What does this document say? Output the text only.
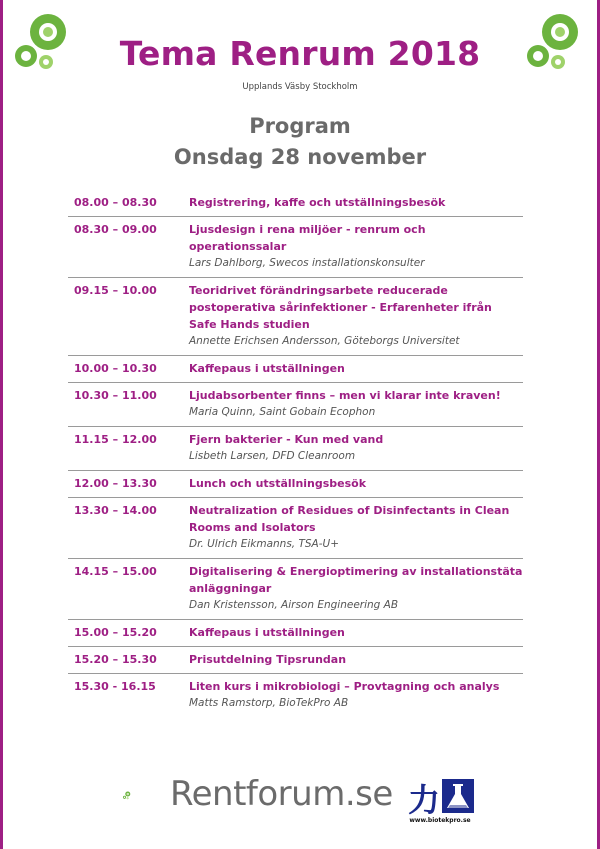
Tema Renrum 2018
Upplands Väsby Stockholm
Program
Onsdag 28 november
08.00 – 08.30	Registrering, kaffe och utställningsbesök
08.30 – 09.00	Ljusdesign i rena miljöer - renrum och operationssalar
Lars Dahlborg, Swecos installationskonsulter
09.15 – 10.00	Teoridrivet förändringsarbete reducerade postoperativa sårinfektioner - Erfarenheter ifrån Safe Hands studien
Annette Erichsen Andersson, Göteborgs Universitet
10.00 – 10.30	Kaffepaus i utställningen
10.30 – 11.00	Ljudabsorbenter finns – men vi klarar inte kraven!
Maria Quinn, Saint Gobain Ecophon
11.15 – 12.00	Fjern bakterier - Kun med vand
Lisbeth Larsen, DFD Cleanroom
12.00 – 13.30	Lunch och utställningsbesök
13.30 – 14.00	Neutralization of Residues of Disinfectants in Clean Rooms and Isolators
Dr. Ulrich Eikmanns, TSA-U+
14.15 – 15.00	Digitalisering & Energioptimering av installationstäta anläggningar
Dan Kristensson, Airson Engineering AB
15.00 – 15.20	Kaffepaus i utställningen
15.20 – 15.30	Prisutdelning Tipsrundan
15.30 - 16.15	Liten kurs i mikrobiologi – Provtagning och analys
Matts Ramstorp, BioTekPro AB
Rentforum.se 力
www.biotekpro.se
